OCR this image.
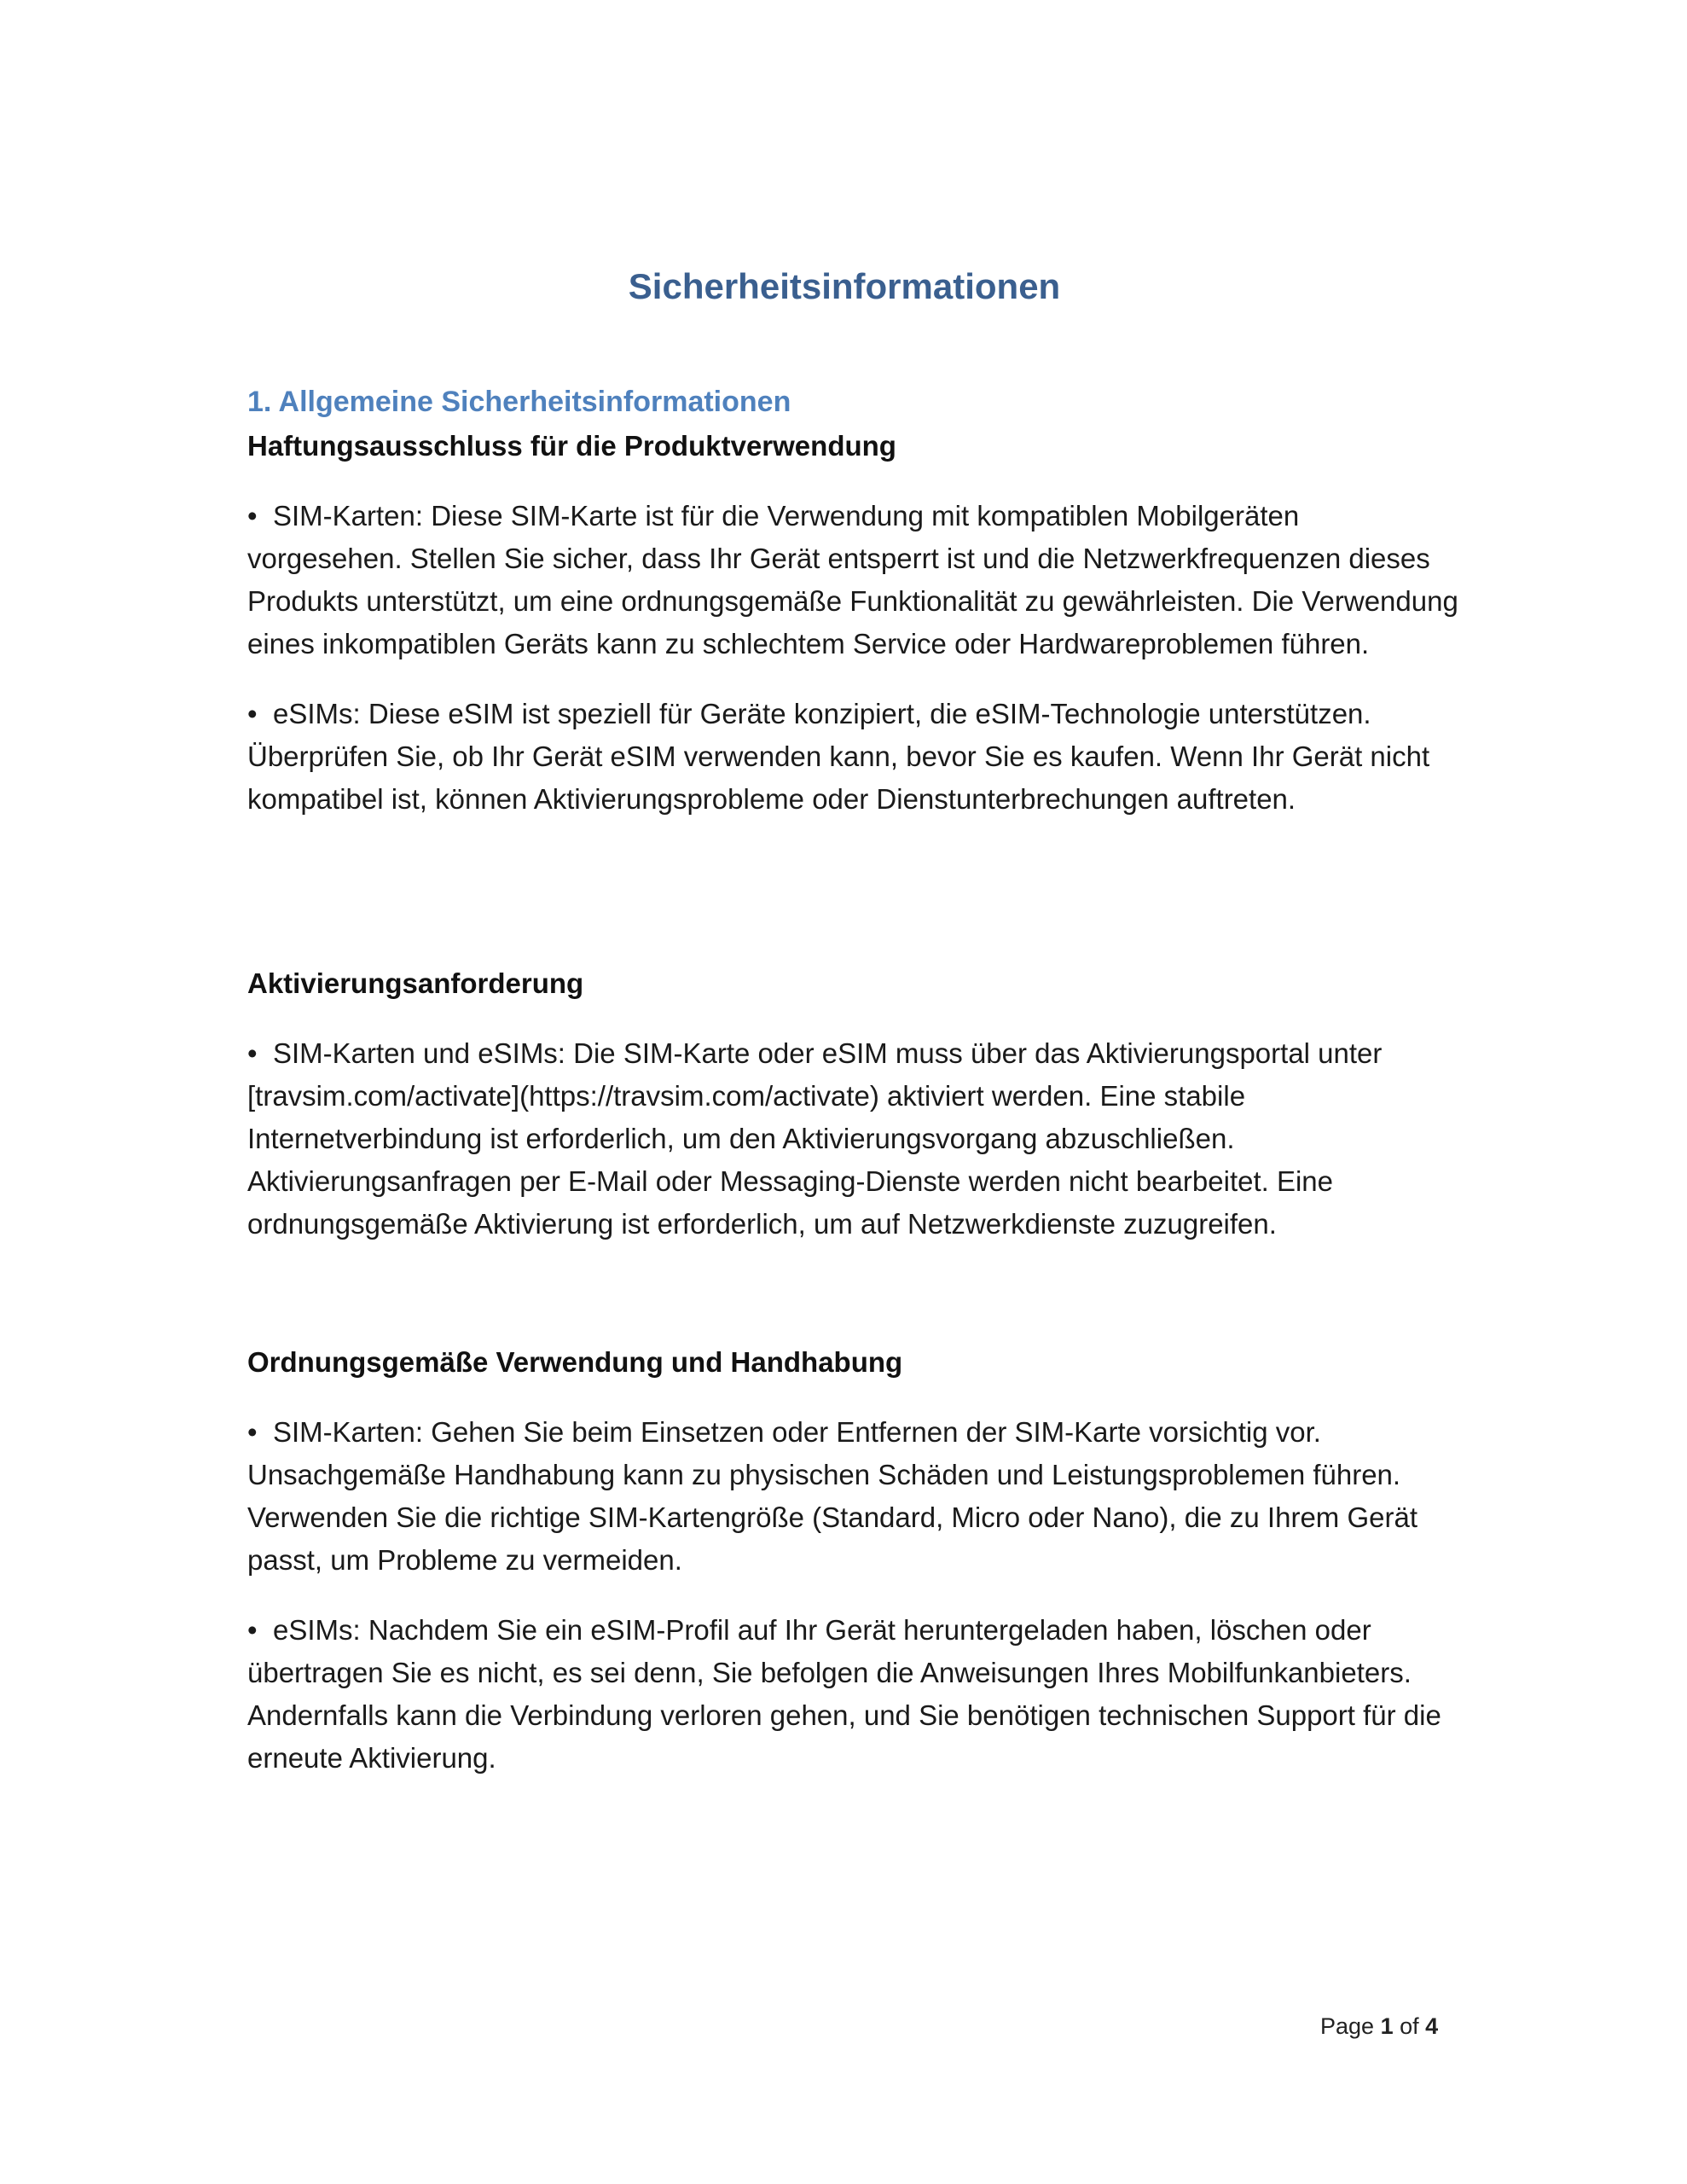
Sicherheitsinformationen
1. Allgemeine Sicherheitsinformationen
Haftungsausschluss für die Produktverwendung

• SIM-Karten: Diese SIM-Karte ist für die Verwendung mit kompatiblen Mobilgeräten vorgesehen. Stellen Sie sicher, dass Ihr Gerät entsperrt ist und die Netzwerkfrequenzen dieses Produkts unterstützt, um eine ordnungsgemäße Funktionalität zu gewährleisten. Die Verwendung eines inkompatiblen Geräts kann zu schlechtem Service oder Hardwareproblemen führen.

• eSIMs: Diese eSIM ist speziell für Geräte konzipiert, die eSIM-Technologie unterstützen. Überprüfen Sie, ob Ihr Gerät eSIM verwenden kann, bevor Sie es kaufen. Wenn Ihr Gerät nicht kompatibel ist, können Aktivierungsprobleme oder Dienstunterbrechungen auftreten.

Aktivierungsanforderung

• SIM-Karten und eSIMs: Die SIM-Karte oder eSIM muss über das Aktivierungsportal unter [travsim.com/activate](https://travsim.com/activate) aktiviert werden. Eine stabile Internetverbindung ist erforderlich, um den Aktivierungsvorgang abzuschließen. Aktivierungsanfragen per E-Mail oder Messaging-Dienste werden nicht bearbeitet. Eine ordnungsgemäße Aktivierung ist erforderlich, um auf Netzwerkdienste zuzugreifen.

Ordnungsgemäße Verwendung und Handhabung

• SIM-Karten: Gehen Sie beim Einsetzen oder Entfernen der SIM-Karte vorsichtig vor. Unsachgemäße Handhabung kann zu physischen Schäden und Leistungsproblemen führen. Verwenden Sie die richtige SIM-Kartengröße (Standard, Micro oder Nano), die zu Ihrem Gerät passt, um Probleme zu vermeiden.

• eSIMs: Nachdem Sie ein eSIM-Profil auf Ihr Gerät heruntergeladen haben, löschen oder übertragen Sie es nicht, es sei denn, Sie befolgen die Anweisungen Ihres Mobilfunkanbieters. Andernfalls kann die Verbindung verloren gehen, und Sie benötigen technischen Support für die erneute Aktivierung.

Page 1 of 4
